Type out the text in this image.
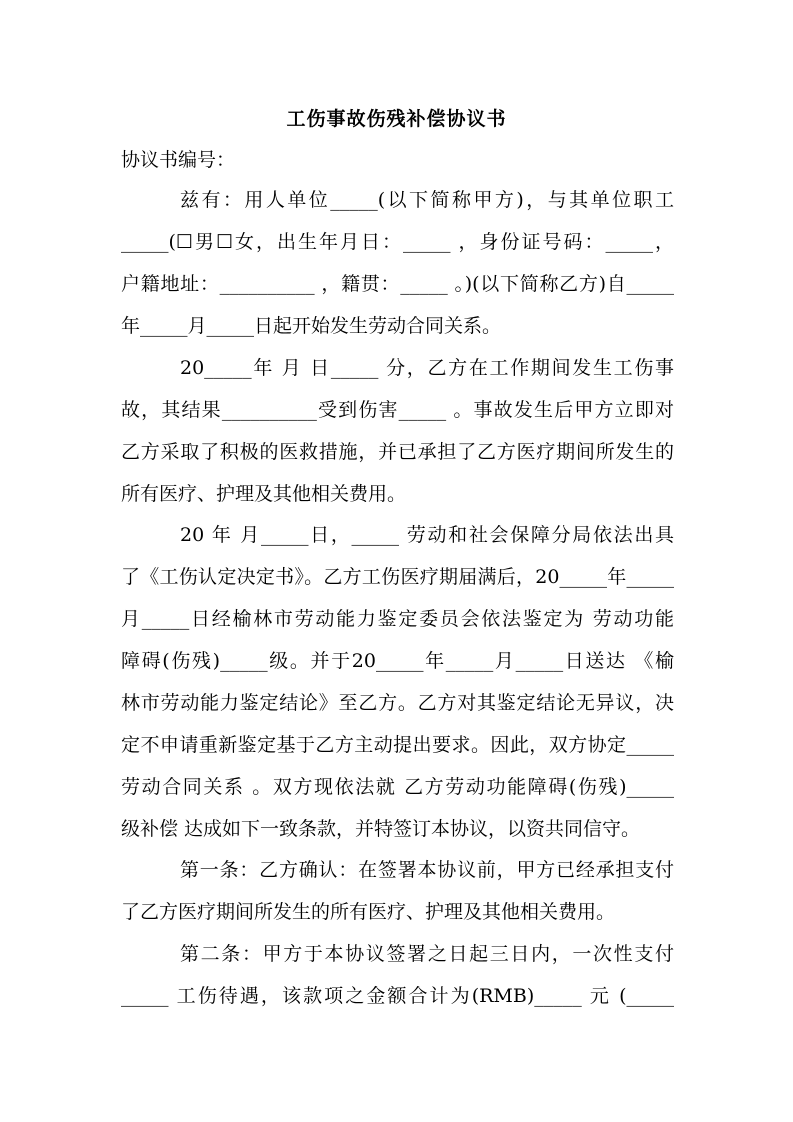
工伤事故伤残补偿协议书
协议书编号：
兹有：用人单位_____(以下简称甲方)，与其单位职工
_____(☐男☐女，出生年月日：_____ ，身份证号码：_____，
户籍地址：__________ ，籍贯：_____ 。)(以下简称乙方)自_____
年_____月_____日起开始发生劳动合同关系。
20_____年 月 日_____ 分，乙方在工作期间发生工伤事
故，其结果__________受到伤害_____ 。事故发生后甲方立即对
乙方采取了积极的医救措施，并已承担了乙方医疗期间所发生的
所有医疗、护理及其他相关费用。
20 年 月_____日，_____ 劳动和社会保障分局依法出具
了《工伤认定决定书》。乙方工伤医疗期届满后，20_____年_____
月_____日经榆林市劳动能力鉴定委员会依法鉴定为 劳动功能
障碍(伤残)_____级。并于20_____年_____月_____日送达 《榆
林市劳动能力鉴定结论》至乙方。乙方对其鉴定结论无异议，决
定不申请重新鉴定基于乙方主动提出要求。因此，双方协定_____
劳动合同关系 。双方现依法就 乙方劳动功能障碍(伤残)_____
级补偿 达成如下一致条款，并特签订本协议，以资共同信守。
第一条：乙方确认：在签署本协议前，甲方已经承担支付
了乙方医疗期间所发生的所有医疗、护理及其他相关费用。
第二条：甲方于本协议签署之日起三日内，一次性支付
_____ 工伤待遇，该款项之金额合计为(RMB)_____ 元 (_____
